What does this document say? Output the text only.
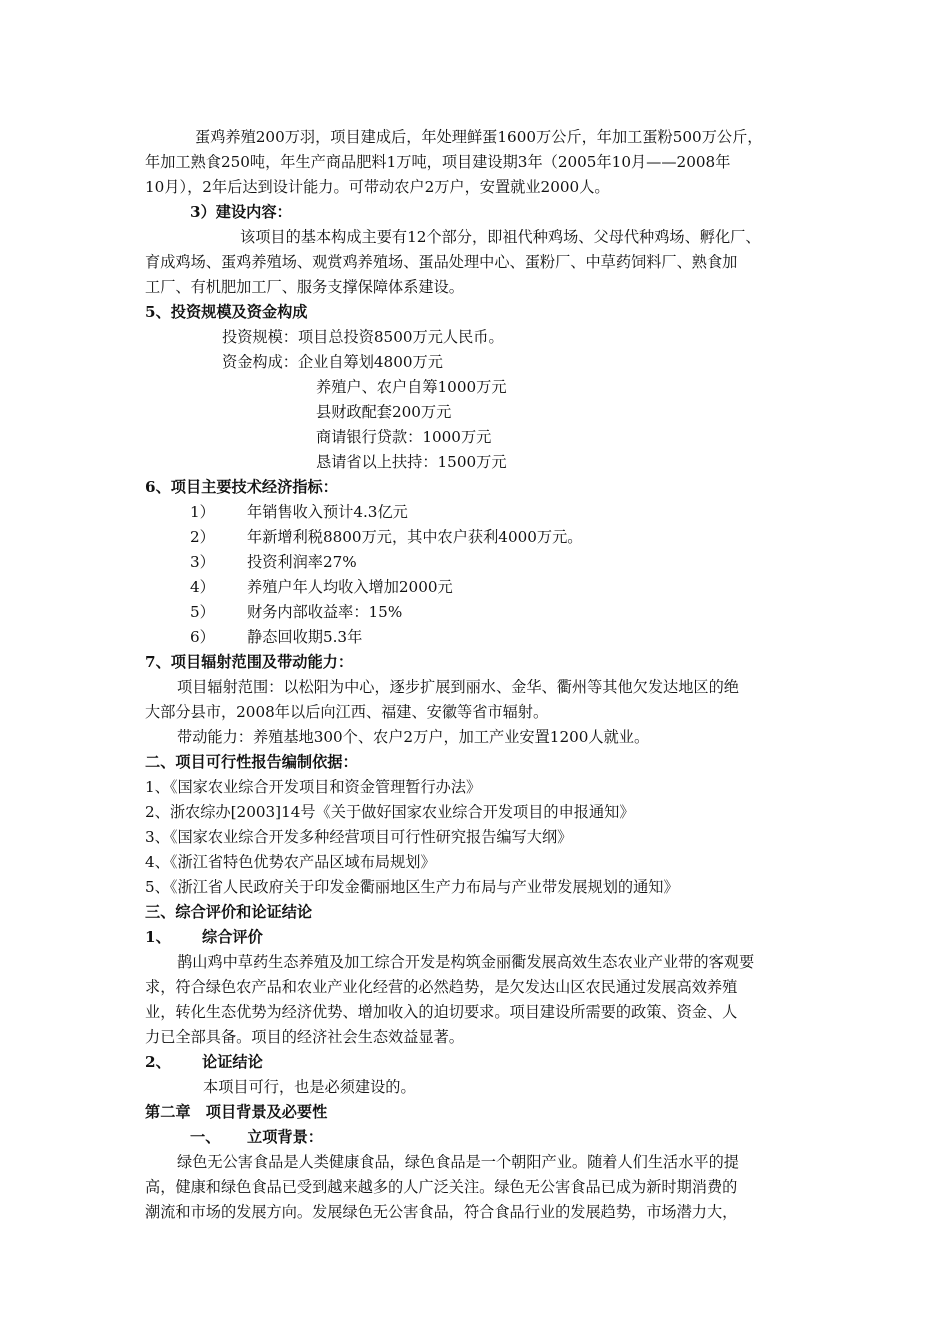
蛋鸡养殖200万羽，项目建成后，年处理鲜蛋1600万公斤，年加工蛋粉500万公斤，
年加工熟食250吨，年生产商品肥料1万吨，项目建设期3年（2005年10月——2008年
10月），2年后达到设计能力。可带动农户2万户，安置就业2000人。
3）建设内容：
该项目的基本构成主要有12个部分，即祖代种鸡场、父母代种鸡场、孵化厂、
育成鸡场、蛋鸡养殖场、观赏鸡养殖场、蛋品处理中心、蛋粉厂、中草药饲料厂、熟食加
工厂、有机肥加工厂、服务支撑保障体系建设。
5、投资规模及资金构成
投资规模：项目总投资8500万元人民币。
资金构成：企业自筹划4800万元
养殖户、农户自筹1000万元
县财政配套200万元
商请银行贷款：1000万元
恳请省以上扶持：1500万元
6、项目主要技术经济指标：
1） 年销售收入预计4.3亿元
2） 年新增利税8800万元，其中农户获利4000万元。
3） 投资利润率27%
4） 养殖户年人均收入增加2000元
5） 财务内部收益率：15%
6） 静态回收期5.3年
7、项目辐射范围及带动能力：
项目辐射范围：以松阳为中心，逐步扩展到丽水、金华、衢州等其他欠发达地区的绝
大部分县市，2008年以后向江西、福建、安徽等省市辐射。
带动能力：养殖基地300个、农户2万户，加工产业安置1200人就业。
二、项目可行性报告编制依据：
1、《国家农业综合开发项目和资金管理暂行办法》
2、浙农综办[2003]14号《关于做好国家农业综合开发项目的申报通知》
3、《国家农业综合开发多种经营项目可行性研究报告编写大纲》
4、《浙江省特色优势农产品区域布局规划》
5、《浙江省人民政府关于印发金衢丽地区生产力布局与产业带发展规划的通知》
三、综合评价和论证结论
1、 综合评价
鹊山鸡中草药生态养殖及加工综合开发是构筑金丽衢发展高效生态农业产业带的客观要
求，符合绿色农产品和农业产业化经营的必然趋势，是欠发达山区农民通过发展高效养殖
业，转化生态优势为经济优势、增加收入的迫切要求。项目建设所需要的政策、资金、人
力已全部具备。项目的经济社会生态效益显著。
2、 论证结论
本项目可行，也是必须建设的。
第二章　项目背景及必要性
一、 立项背景：
绿色无公害食品是人类健康食品，绿色食品是一个朝阳产业。随着人们生活水平的提
高，健康和绿色食品已受到越来越多的人广泛关注。绿色无公害食品已成为新时期消费的
潮流和市场的发展方向。发展绿色无公害食品，符合食品行业的发展趋势，市场潜力大，
